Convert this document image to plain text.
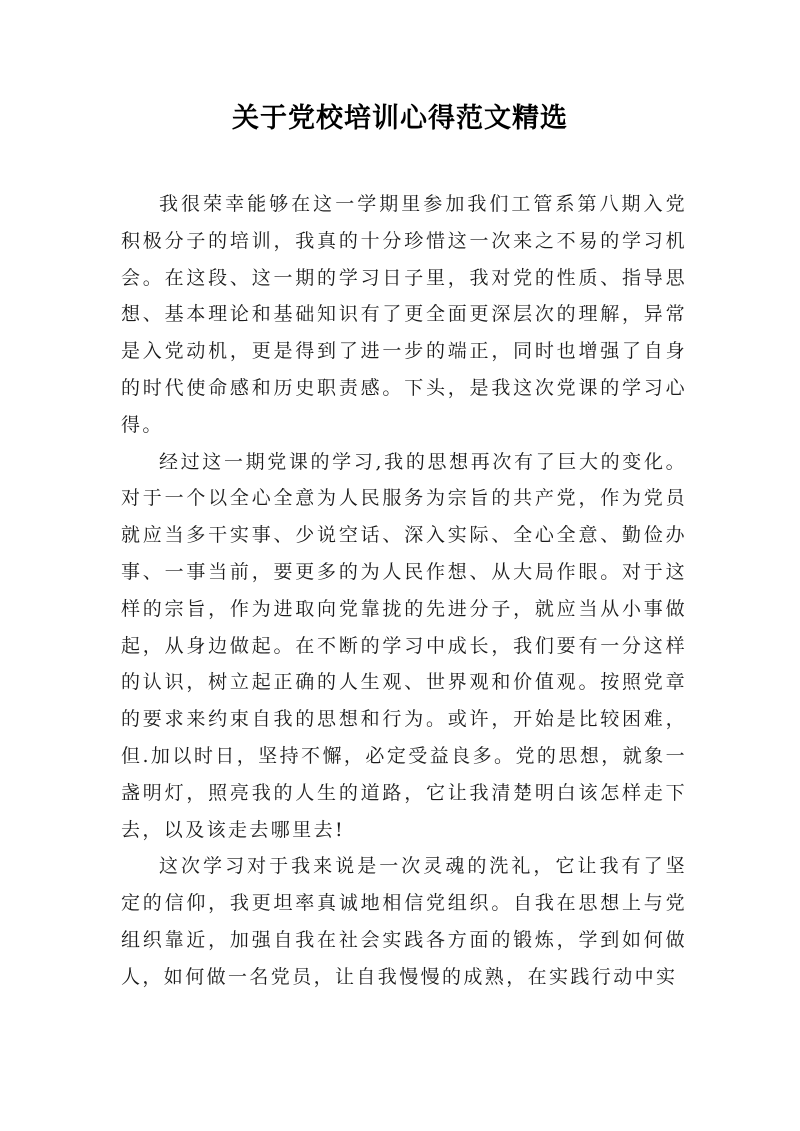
关于党校培训心得范文精选

我很荣幸能够在这一学期里参加我们工管系第八期入党积极分子的培训，我真的十分珍惜这一次来之不易的学习机会。在这段、这一期的学习日子里，我对党的性质、指导思想、基本理论和基础知识有了更全面更深层次的理解，异常是入党动机，更是得到了进一步的端正，同时也增强了自身的时代使命感和历史职责感。下头，是我这次党课的学习心得。

经过这一期党课的学习,我的思想再次有了巨大的变化。对于一个以全心全意为人民服务为宗旨的共产党，作为党员就应当多干实事、少说空话、深入实际、全心全意、勤俭办事、一事当前，要更多的为人民作想、从大局作眼。对于这样的宗旨，作为进取向党靠拢的先进分子，就应当从小事做起，从身边做起。在不断的学习中成长，我们要有一分这样的认识，树立起正确的人生观、世界观和价值观。按照党章的要求来约束自我的思想和行为。或许，开始是比较困难，但.加以时日，坚持不懈，必定受益良多。党的思想，就象一盏明灯，照亮我的人生的道路，它让我清楚明白该怎样走下去，以及该走去哪里去!

这次学习对于我来说是一次灵魂的洗礼，它让我有了坚定的信仰，我更坦率真诚地相信党组织。自我在思想上与党组织靠近，加强自我在社会实践各方面的锻炼，学到如何做人，如何做一名党员，让自我慢慢的成熟，在实践行动中实
